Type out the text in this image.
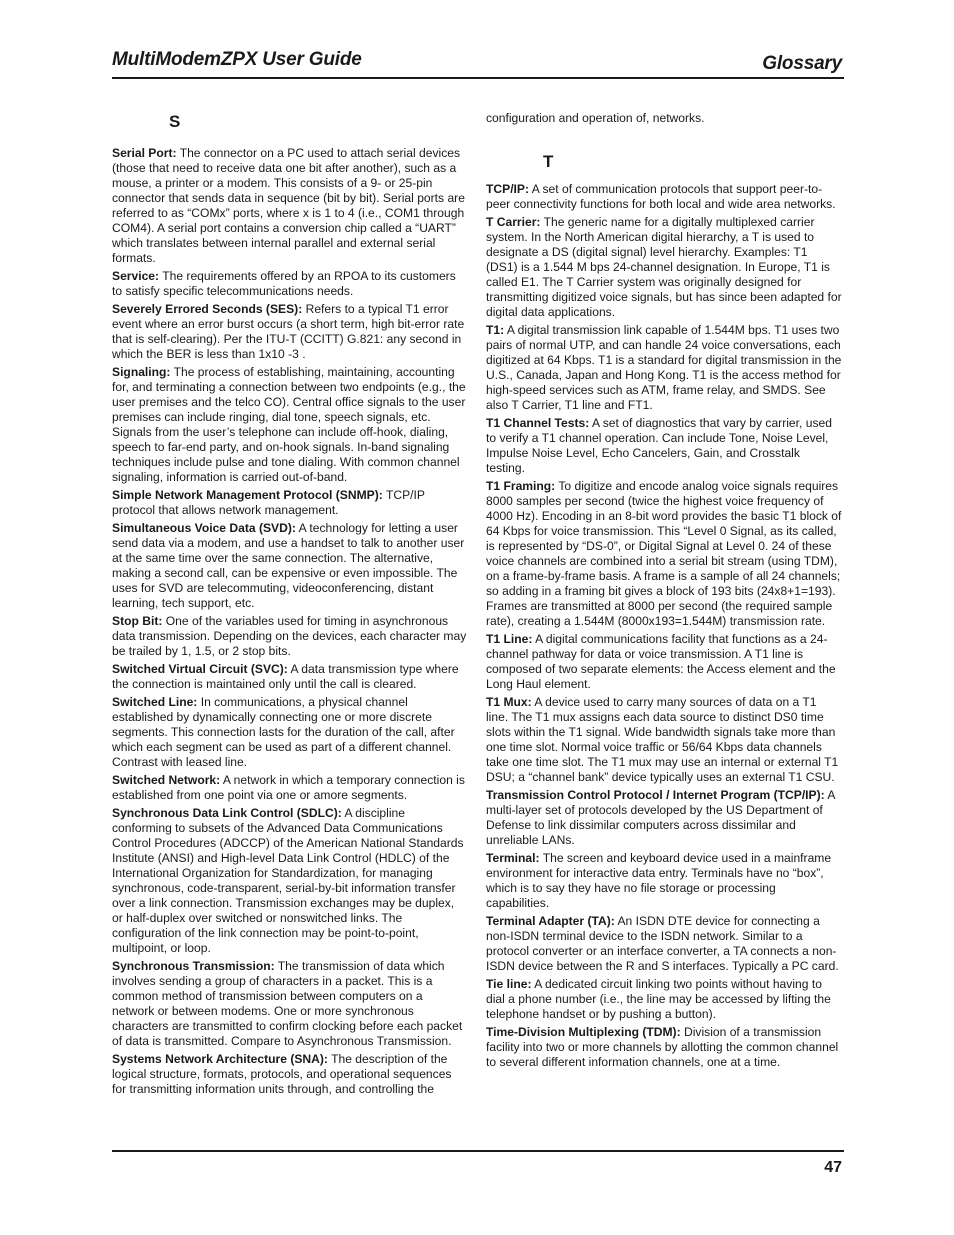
MultiModemZPX User Guide	Glossary
S

Serial Port: The connector on a PC used to attach serial devices (those that need to receive data one bit after another), such as a mouse, a printer or a modem. This consists of a 9- or 25-pin connector that sends data in sequence (bit by bit). Serial ports are referred to as “COMx” ports, where x is 1 to 4 (i.e., COM1 through COM4). A serial port contains a conversion chip called a “UART” which translates between internal parallel and external serial formats.

Service: The requirements offered by an RPOA to its customers to satisfy specific telecommunications needs.

Severely Errored Seconds (SES): Refers to a typical T1 error event where an error burst occurs (a short term, high bit-error rate that is self-clearing). Per the ITU-T (CCITT) G.821: any second in which the BER is less than 1x10 -3 .

Signaling: The process of establishing, maintaining, accounting for, and terminating a connection between two endpoints (e.g., the user premises and the telco CO). Central office signals to the user premises can include ringing, dial tone, speech signals, etc. Signals from the user’s telephone can include off-hook, dialing, speech to far-end party, and on-hook signals. In-band signaling techniques include pulse and tone dialing. With common channel signaling, information is carried out-of-band.

Simple Network Management Protocol (SNMP): TCP/IP protocol that allows network management.

Simultaneous Voice Data (SVD): A technology for letting a user send data via a modem, and use a handset to talk to another user at the same time over the same connection. The alternative, making a second call, can be expensive or even impossible. The uses for SVD are telecommuting, videoconferencing, distant learning, tech support, etc.

Stop Bit: One of the variables used for timing in asynchronous data transmission. Depending on the devices, each character may be trailed by 1, 1.5, or 2 stop bits.

Switched Virtual Circuit (SVC): A data transmission type where the connection is maintained only until the call is cleared.

Switched Line: In communications, a physical channel established by dynamically connecting one or more discrete segments. This connection lasts for the duration of the call, after which each segment can be used as part of a different channel. Contrast with leased line.

Switched Network: A network in which a temporary connection is established from one point via one or amore segments.

Synchronous Data Link Control (SDLC): A discipline conforming to subsets of the Advanced Data Communications Control Procedures (ADCCP) of the American National Standards Institute (ANSI) and High-level Data Link Control (HDLC) of the International Organization for Standardization, for managing synchronous, code-transparent, serial-by-bit information transfer over a link connection. Transmission exchanges may be duplex, or half-duplex over switched or nonswitched links. The configuration of the link connection may be point-to-point, multipoint, or loop.

Synchronous Transmission: The transmission of data which involves sending a group of characters in a packet. This is a common method of transmission between computers on a network or between modems. One or more synchronous characters are transmitted to confirm clocking before each packet of data is transmitted. Compare to Asynchronous Transmission.

Systems Network Architecture (SNA): The description of the logical structure, formats, protocols, and operational sequences for transmitting information units through, and controlling the

configuration and operation of, networks.

T

TCP/IP: A set of communication protocols that support peer-to-peer connectivity functions for both local and wide area networks.

T Carrier: The generic name for a digitally multiplexed carrier system. In the North American digital hierarchy, a T is used to designate a DS (digital signal) level hierarchy. Examples: T1 (DS1) is a 1.544 M bps 24-channel designation. In Europe, T1 is called E1. The T Carrier system was originally designed for transmitting digitized voice signals, but has since been adapted for digital data applications.

T1: A digital transmission link capable of 1.544M bps. T1 uses two pairs of normal UTP, and can handle 24 voice conversations, each digitized at 64 Kbps. T1 is a standard for digital transmission in the U.S., Canada, Japan and Hong Kong. T1 is the access method for high-speed services such as ATM, frame relay, and SMDS. See also T Carrier, T1 line and FT1.

T1 Channel Tests: A set of diagnostics that vary by carrier, used to verify a T1 channel operation. Can include Tone, Noise Level, Impulse Noise Level, Echo Cancelers, Gain, and Crosstalk testing.

T1 Framing: To digitize and encode analog voice signals requires 8000 samples per second (twice the highest voice frequency of 4000 Hz). Encoding in an 8-bit word provides the basic T1 block of 64 Kbps for voice transmission. This “Level 0 Signal, as its called, is represented by “DS-0”, or Digital Signal at Level 0. 24 of these voice channels are combined into a serial bit stream (using TDM), on a frame-by-frame basis. A frame is a sample of all 24 channels; so adding in a framing bit gives a block of 193 bits (24x8+1=193). Frames are transmitted at 8000 per second (the required sample rate), creating a 1.544M (8000x193=1.544M) transmission rate.

T1 Line: A digital communications facility that functions as a 24-channel pathway for data or voice transmission. A T1 line is composed of two separate elements: the Access element and the Long Haul element.

T1 Mux: A device used to carry many sources of data on a T1 line. The T1 mux assigns each data source to distinct DS0 time slots within the T1 signal. Wide bandwidth signals take more than one time slot. Normal voice traffic or 56/64 Kbps data channels take one time slot. The T1 mux may use an internal or external T1 DSU; a “channel bank” device typically uses an external T1 CSU.

Transmission Control Protocol / Internet Program (TCP/IP): A multi-layer set of protocols developed by the US Department of Defense to link dissimilar computers across dissimilar and unreliable LANs.

Terminal: The screen and keyboard device used in a mainframe environment for interactive data entry. Terminals have no “box”, which is to say they have no file storage or processing capabilities.

Terminal Adapter (TA): An ISDN DTE device for connecting a non-ISDN terminal device to the ISDN network. Similar to a protocol converter or an interface converter, a TA connects a non-ISDN device between the R and S interfaces. Typically a PC card.

Tie line: A dedicated circuit linking two points without having to dial a phone number (i.e., the line may be accessed by lifting the telephone handset or by pushing a button).

Time-Division Multiplexing (TDM): Division of a transmission facility into two or more channels by allotting the common channel to several different information channels, one at a time.

47
